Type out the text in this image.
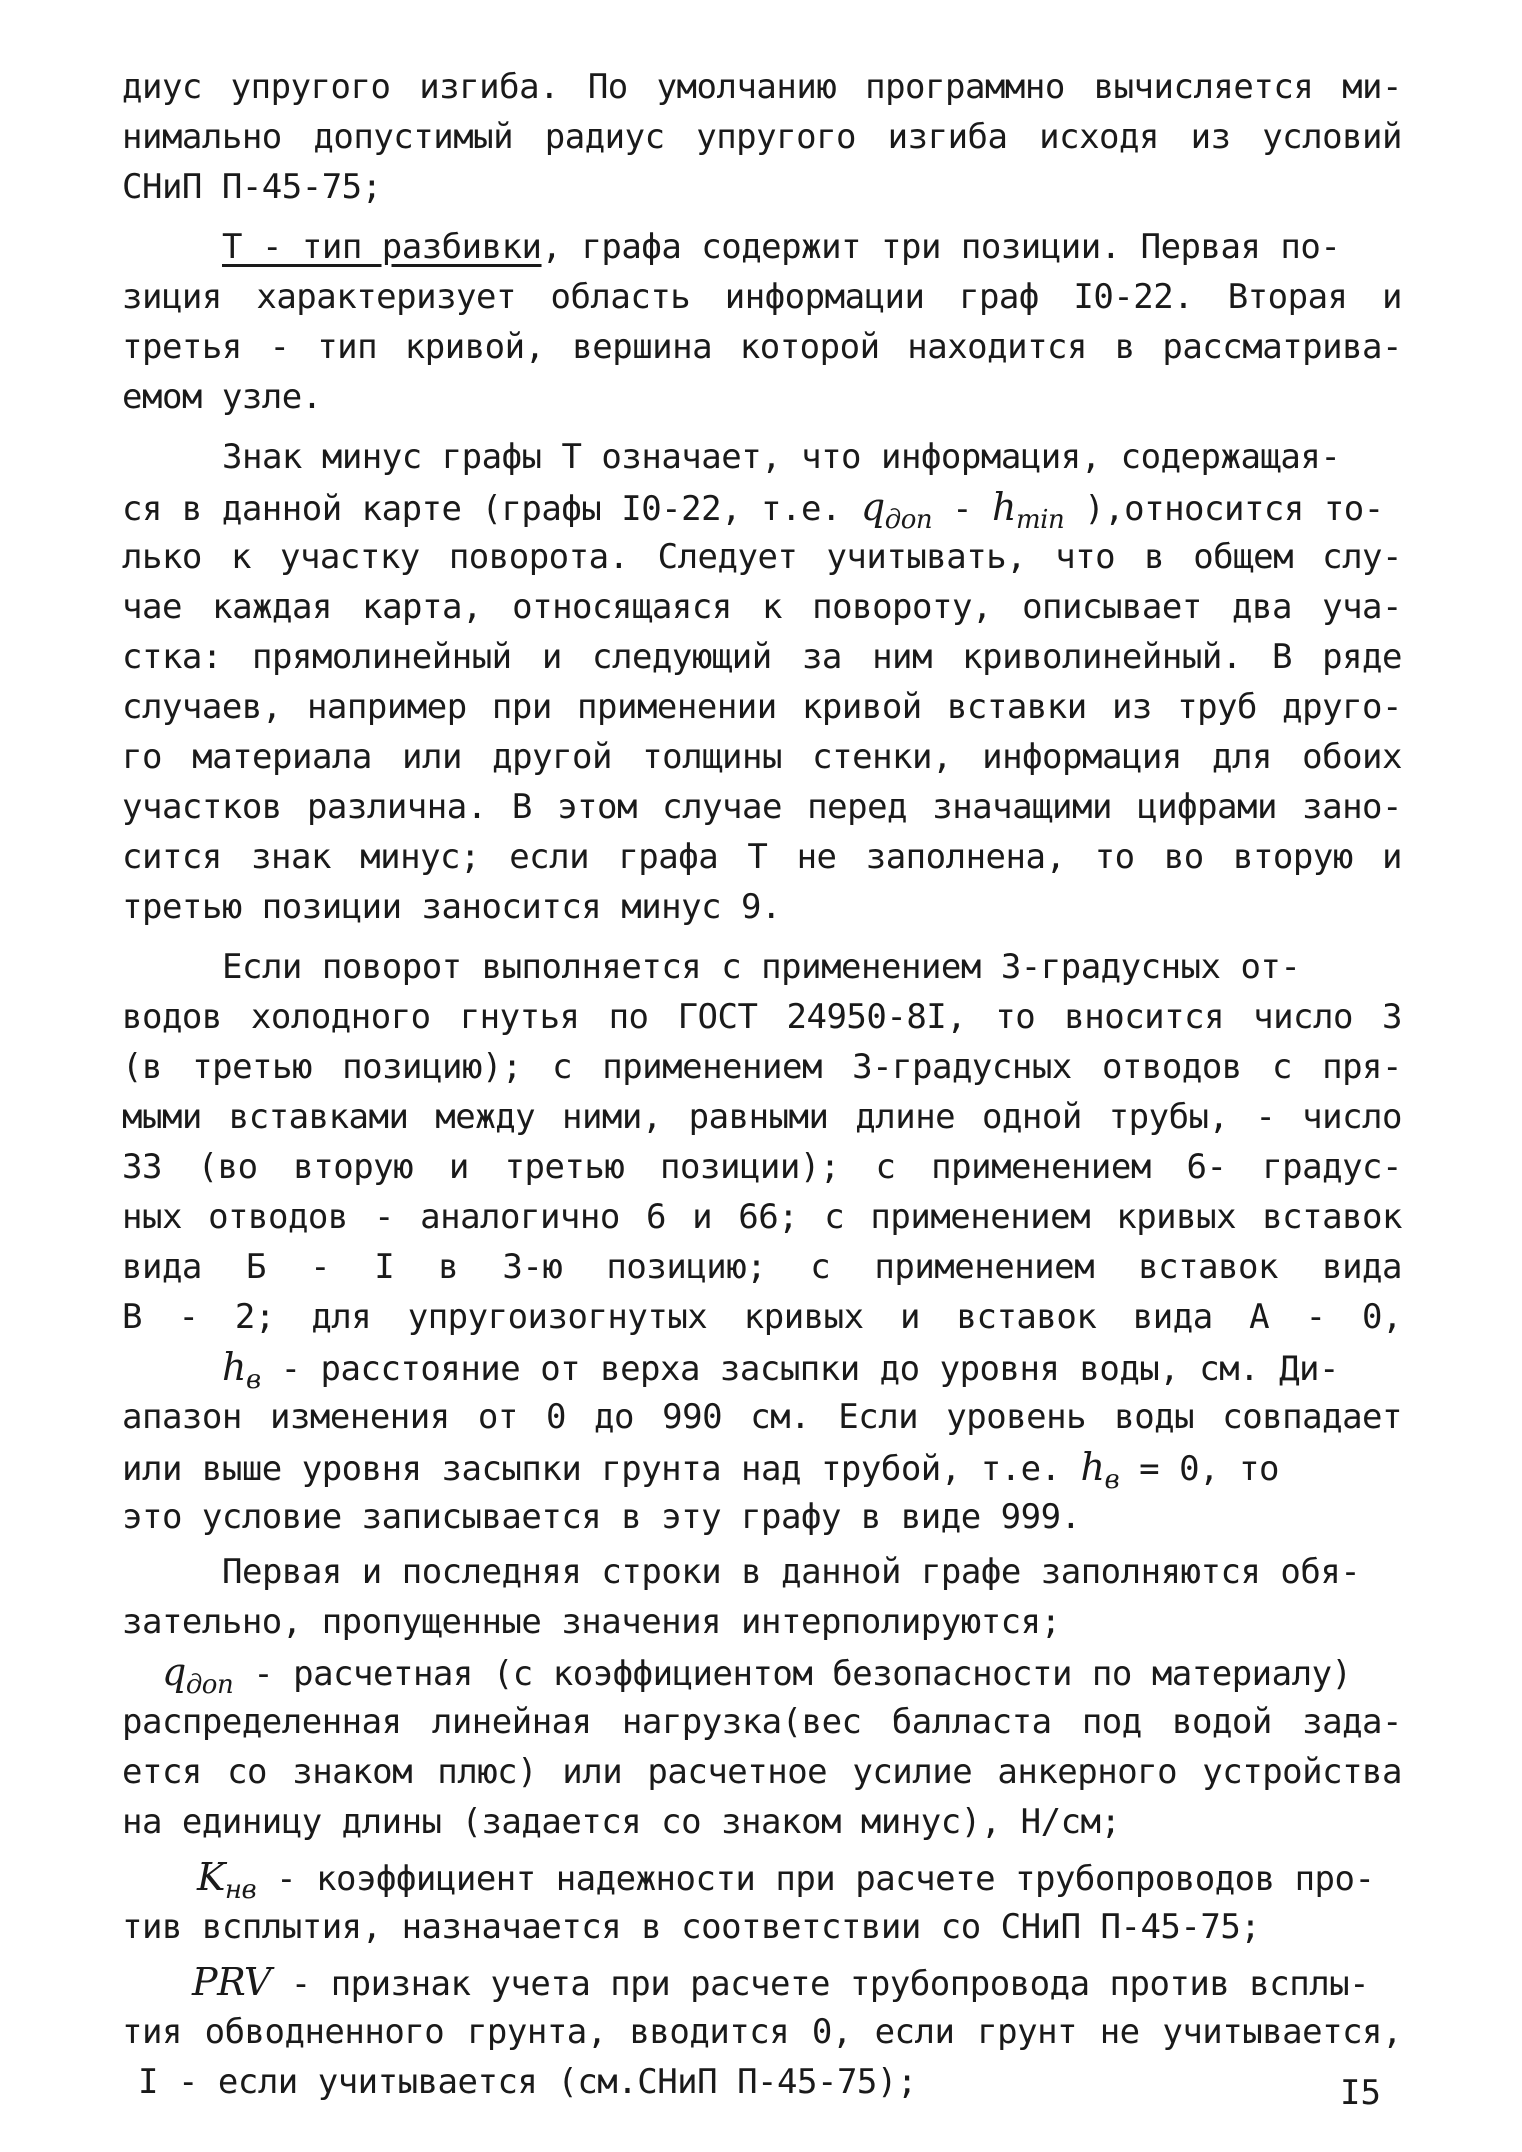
диус упругого изгиба. По умолчанию программно вычисляется ми-
нимально допустимый радиус упругого изгиба исходя из условий
СНиП П-45-75;
Т - тип разбивки, графа содержит три позиции. Первая по-
зиция характеризует область информации граф I0-22. Вторая и
третья - тип кривой, вершина которой находится в рассматрива-
емом узле.
Знак минус графы Т означает, что информация, содержащая-
ся в данной карте (графы I0-22, т.е. $q_{доп} - h_{min}$ ),относится то-
лько к участку поворота. Следует учитывать, что в общем слу-
чае каждая карта, относящаяся к повороту, описывает два уча-
стка: прямолинейный и следующий за ним криволинейный. В ряде
случаев, например при применении кривой вставки из труб друго-
го материала или другой толщины стенки, информация для обоих
участков различна. В этом случае перед значащими цифрами зано-
сится знак минус; если графа Т не заполнена, то во вторую и
третью позиции заносится минус 9.
Если поворот выполняется с применением 3-градусных от-
водов холодного гнутья по ГОСТ 24950-8I, то вносится число 3
(в третью позицию); с применением 3-градусных отводов с пря-
мыми вставками между ними, равными длине одной трубы, - число
33 (во вторую и третью позиции); с применением 6- градус-
ных отводов - аналогично 6 и 66; с применением кривых вставок
вида Б - I в 3-ю позицию; с применением вставок вида
В - 2; для упругоизогнутых кривых и вставок вида А - 0,
$h_в$ - расстояние от верха засыпки до уровня воды, см. Ди-
апазон изменения от 0 до 990 см. Если уровень воды совпадает
или выше уровня засыпки грунта над трубой, т.е. $h_в = 0$, то
это условие записывается в эту графу в виде 999.
Первая и последняя строки в данной графе заполняются обя-
зательно, пропущенные значения интерполируются;
$q_{доп}$ - расчетная (с коэффициентом безопасности по материалу)
распределенная линейная нагрузка(вес балласта под водой зада-
ется со знаком плюс) или расчетное усилие анкерного устройства
на единицу длины (задается со знаком минус), Н/см;
$K_{нв}$ - коэффициент надежности при расчете трубопроводов про-
тив всплытия, назначается в соответствии со СНиП П-45-75;
PRV - признак учета при расчете трубопровода против всплы-
тия обводненного грунта, вводится 0, если грунт не учитывается,
I - если учитывается (см.СНиП П-45-75);	I5
